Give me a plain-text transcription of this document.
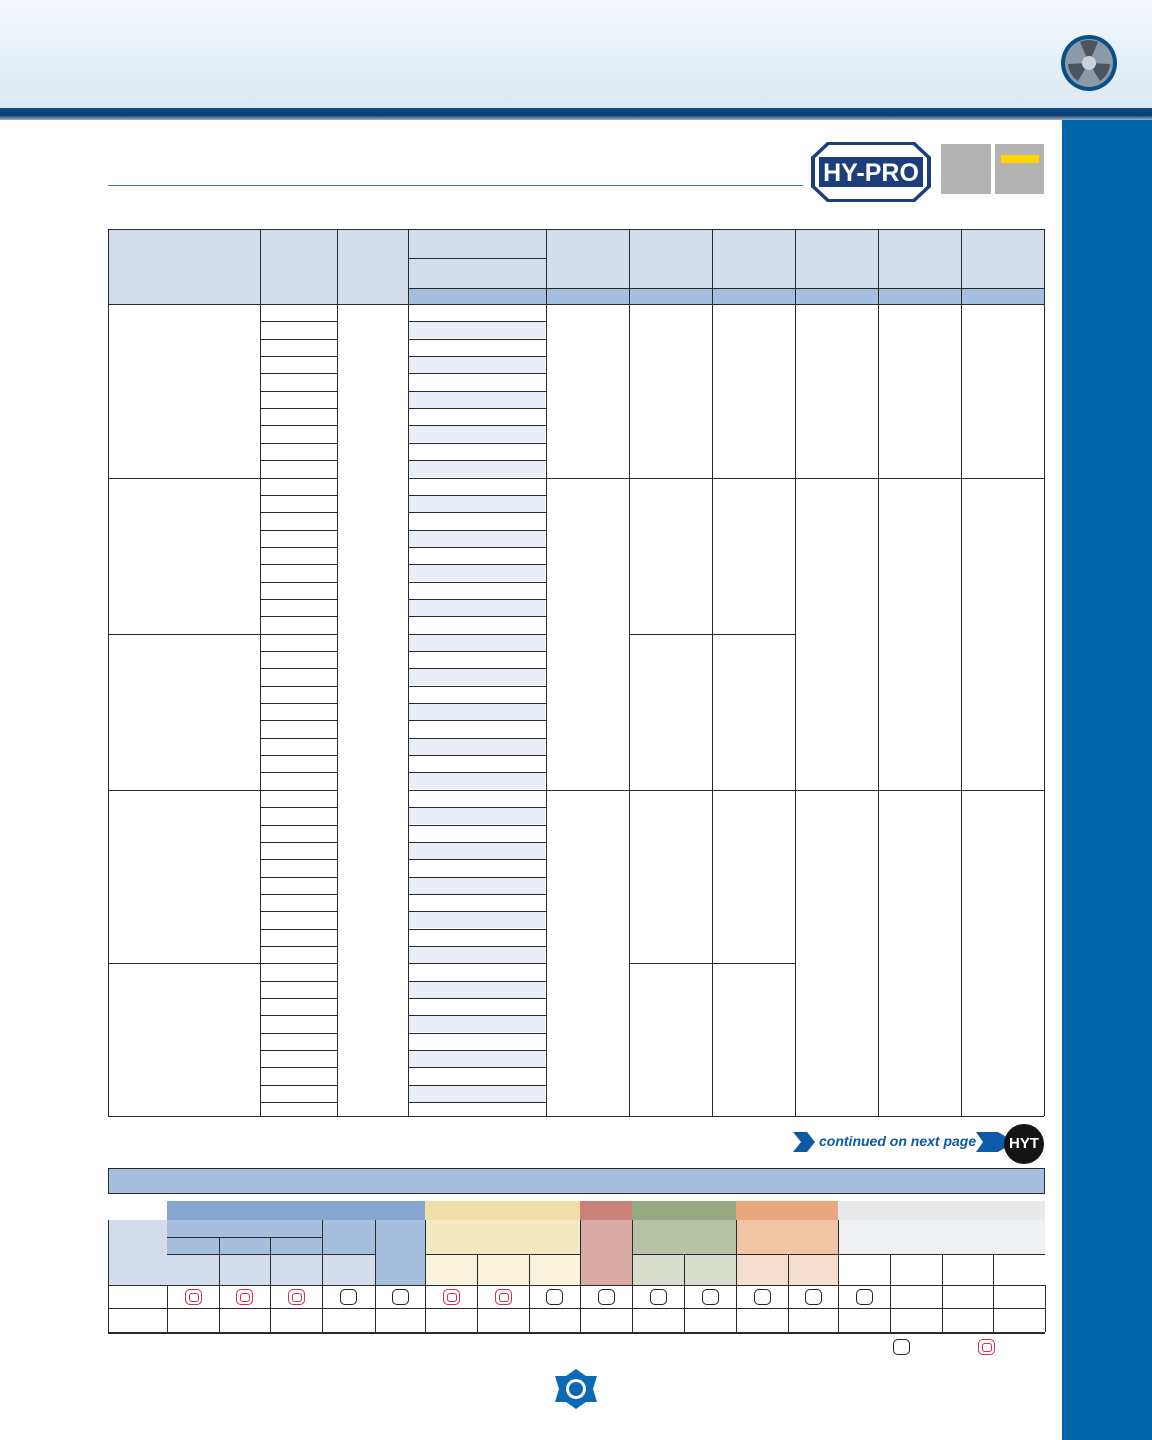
HY-PRO
continued on next page	HYT
